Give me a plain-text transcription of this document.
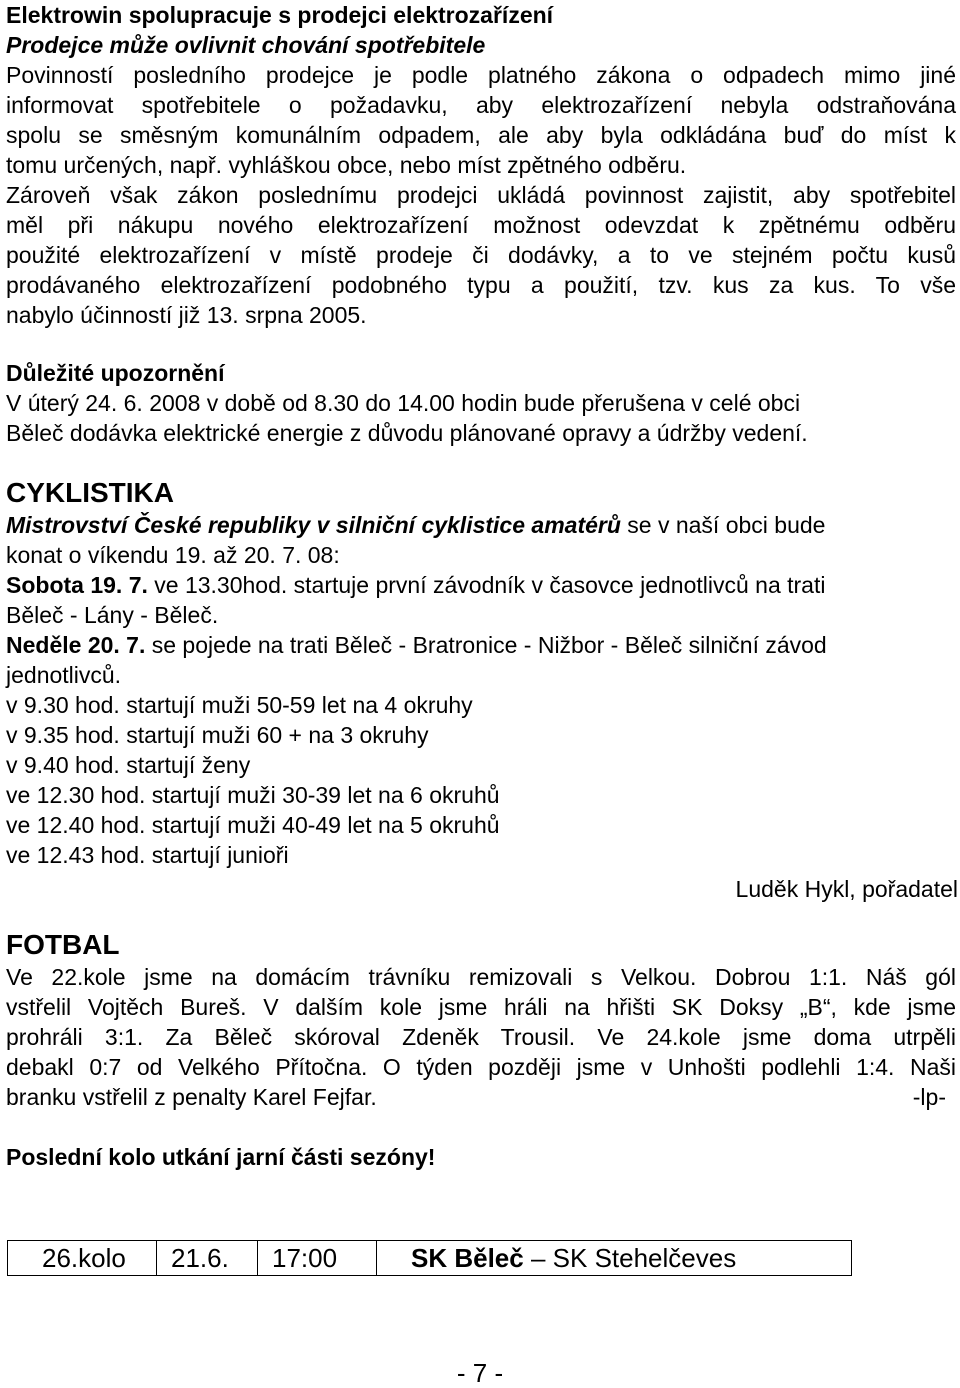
Elektrowin spolupracuje s prodejci elektrozařízení

Prodejce může ovlivnit chování spotřebitele

Povinností posledního prodejce je podle platného zákona o odpadech mimo jiné

informovat spotřebitele o požadavku, aby elektrozařízení nebyla odstraňována

spolu se směsným komunálním odpadem, ale aby byla odkládána buď do míst k

tomu určených, např. vyhláškou obce, nebo míst zpětného odběru.

Zároveň však zákon poslednímu prodejci ukládá povinnost zajistit, aby spotřebitel

měl při nákupu nového elektrozařízení možnost odevzdat k zpětnému odběru

použité elektrozařízení v místě prodeje či dodávky, a to ve stejném počtu kusů

prodávaného elektrozařízení podobného typu a použití, tzv. kus za kus. To vše

nabylo účinností již 13. srpna 2005.

Důležité upozornění

V úterý 24. 6. 2008 v době od 8.30 do 14.00 hodin bude přerušena v celé obci

Běleč dodávka elektrické energie z důvodu plánované opravy a údržby vedení.

CYKLISTIKA

Mistrovství České republiky v silniční cyklistice amatérů se v naší obci bude

konat o víkendu 19. až 20. 7. 08:

Sobota 19. 7. ve 13.30hod. startuje první závodník v časovce jednotlivců na trati

Běleč - Lány - Běleč.

Neděle 20. 7. se pojede na trati Běleč - Bratronice - Nižbor - Běleč silniční závod

jednotlivců.

v 9.30 hod. startují muži 50-59 let na 4 okruhy

v 9.35 hod. startují muži 60 + na 3 okruhy

v 9.40 hod. startují ženy

ve 12.30 hod. startují muži 30-39 let na 6 okruhů

ve 12.40 hod. startují muži 40-49 let na 5 okruhů

ve 12.43 hod. startují junioři

Luděk Hykl, pořadatel

FOTBAL

Ve 22.kole jsme na domácím trávníku remizovali s Velkou. Dobrou 1:1. Náš gól

vstřelil Vojtěch Bureš. V dalším kole jsme hráli na hřišti SK Doksy „B“, kde jsme

prohráli 3:1. Za Běleč skóroval Zdeněk Trousil. Ve 24.kole jsme doma utrpěli

debakl 0:7 od Velkého Přítočna. O týden později jsme v Unhošti podlehli 1:4. Naši

branku vstřelil z penalty Karel Fejfar.	-lp-

Poslední kolo utkání jarní části sezóny!

26.kolo	21.6.	17:00	SK Běleč – SK Stehelčeves
- 7 -
